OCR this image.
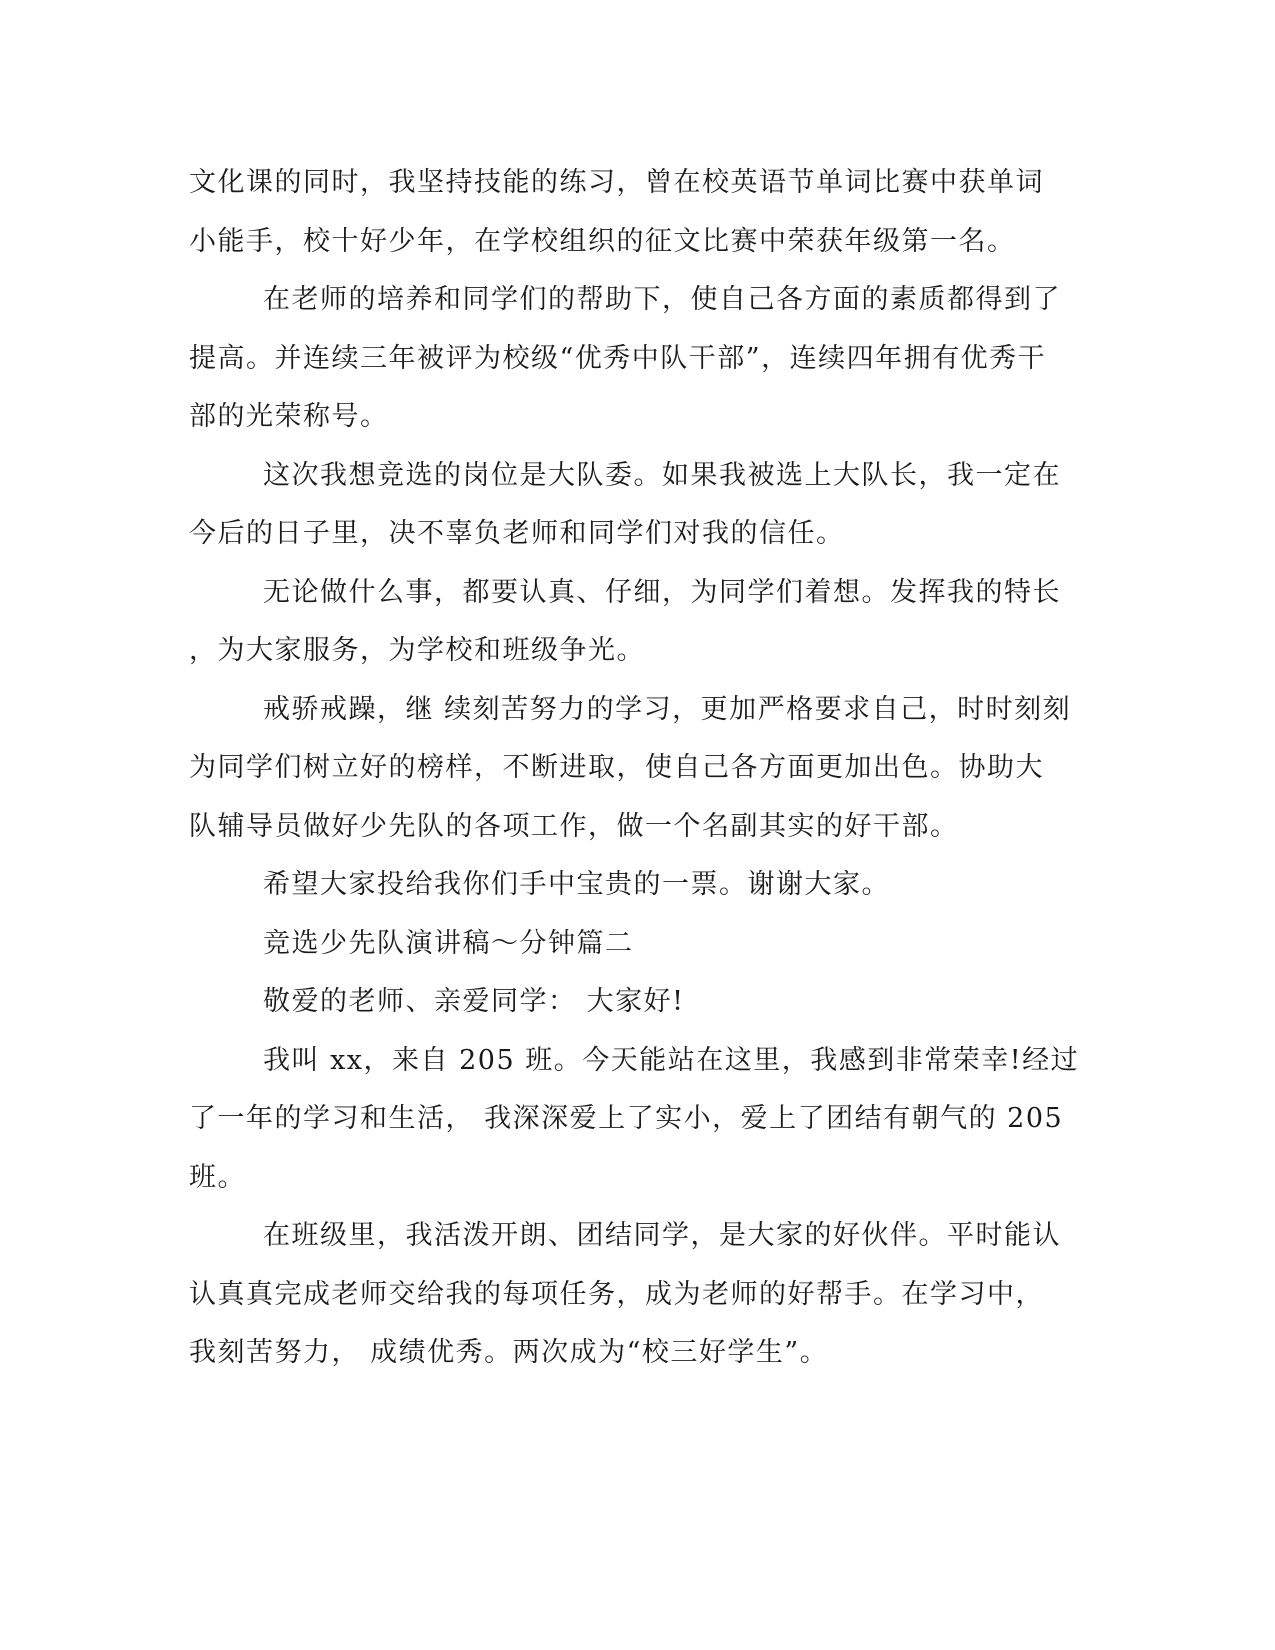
文化课的同时，我坚持技能的练习，曾在校英语节单词比赛中获单词
小能手，校十好少年，在学校组织的征文比赛中荣获年级第一名。
在老师的培养和同学们的帮助下，使自己各方面的素质都得到了
提高。并连续三年被评为校级“优秀中队干部”，连续四年拥有优秀干
部的光荣称号。
这次我想竞选的岗位是大队委。如果我被选上大队长，我一定在
今后的日子里，决不辜负老师和同学们对我的信任。
无论做什么事，都要认真、仔细，为同学们着想。发挥我的特长
，为大家服务，为学校和班级争光。
戒骄戒躁，继 续刻苦努力的学习，更加严格要求自己，时时刻刻
为同学们树立好的榜样，不断进取，使自己各方面更加出色。协助大
队辅导员做好少先队的各项工作，做一个名副其实的好干部。
希望大家投给我你们手中宝贵的一票。谢谢大家。
竞选少先队演讲稿～分钟篇二
敬爱的老师、亲爱同学： 大家好!
我叫 xx，来自 205 班。今天能站在这里，我感到非常荣幸!经过
了一年的学习和生活， 我深深爱上了实小，爱上了团结有朝气的 205
班。
在班级里，我活泼开朗、团结同学，是大家的好伙伴。平时能认
认真真完成老师交给我的每项任务，成为老师的好帮手。在学习中，
我刻苦努力， 成绩优秀。两次成为“校三好学生”。
